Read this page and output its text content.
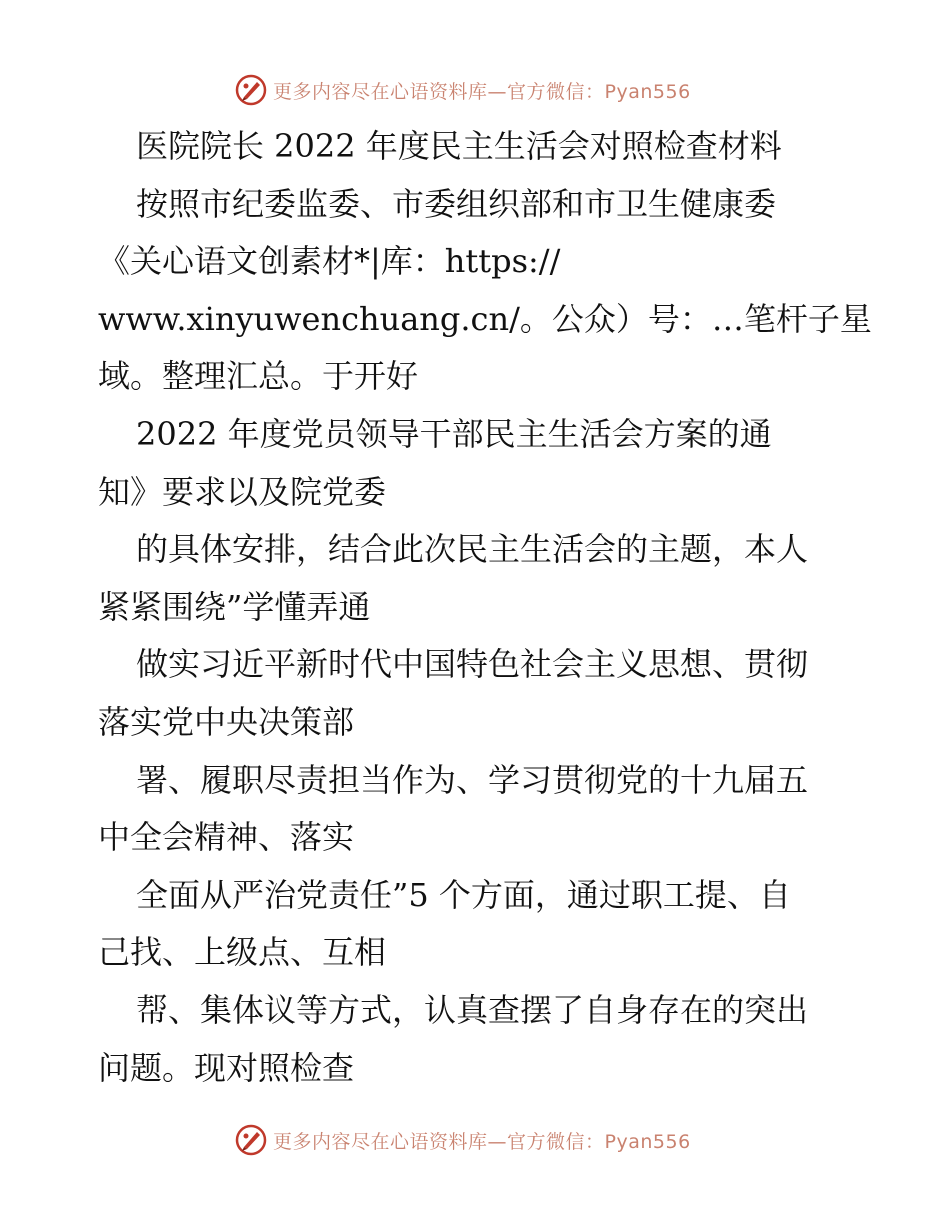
更多内容尽在心语资料库—官方微信：Pyan556
医院院长 2022 年度民主生活会对照检查材料
按照市纪委监委、市委组织部和市卫生健康委
《关心语文创素材*|库：https://
www.xinyuwenchuang.cn/。公众）号：…笔杆子星
域。整理汇总。于开好
2022 年度党员领导干部民主生活会方案的通
知》要求以及院党委
的具体安排，结合此次民主生活会的主题，本人
紧紧围绕”学懂弄通
做实习近平新时代中国特色社会主义思想、贯彻
落实党中央决策部
署、履职尽责担当作为、学习贯彻党的十九届五
中全会精神、落实
全面从严治党责任”5 个方面，通过职工提、自
己找、上级点、互相
帮、集体议等方式，认真查摆了自身存在的突出
问题。现对照检查
更多内容尽在心语资料库—官方微信：Pyan556
